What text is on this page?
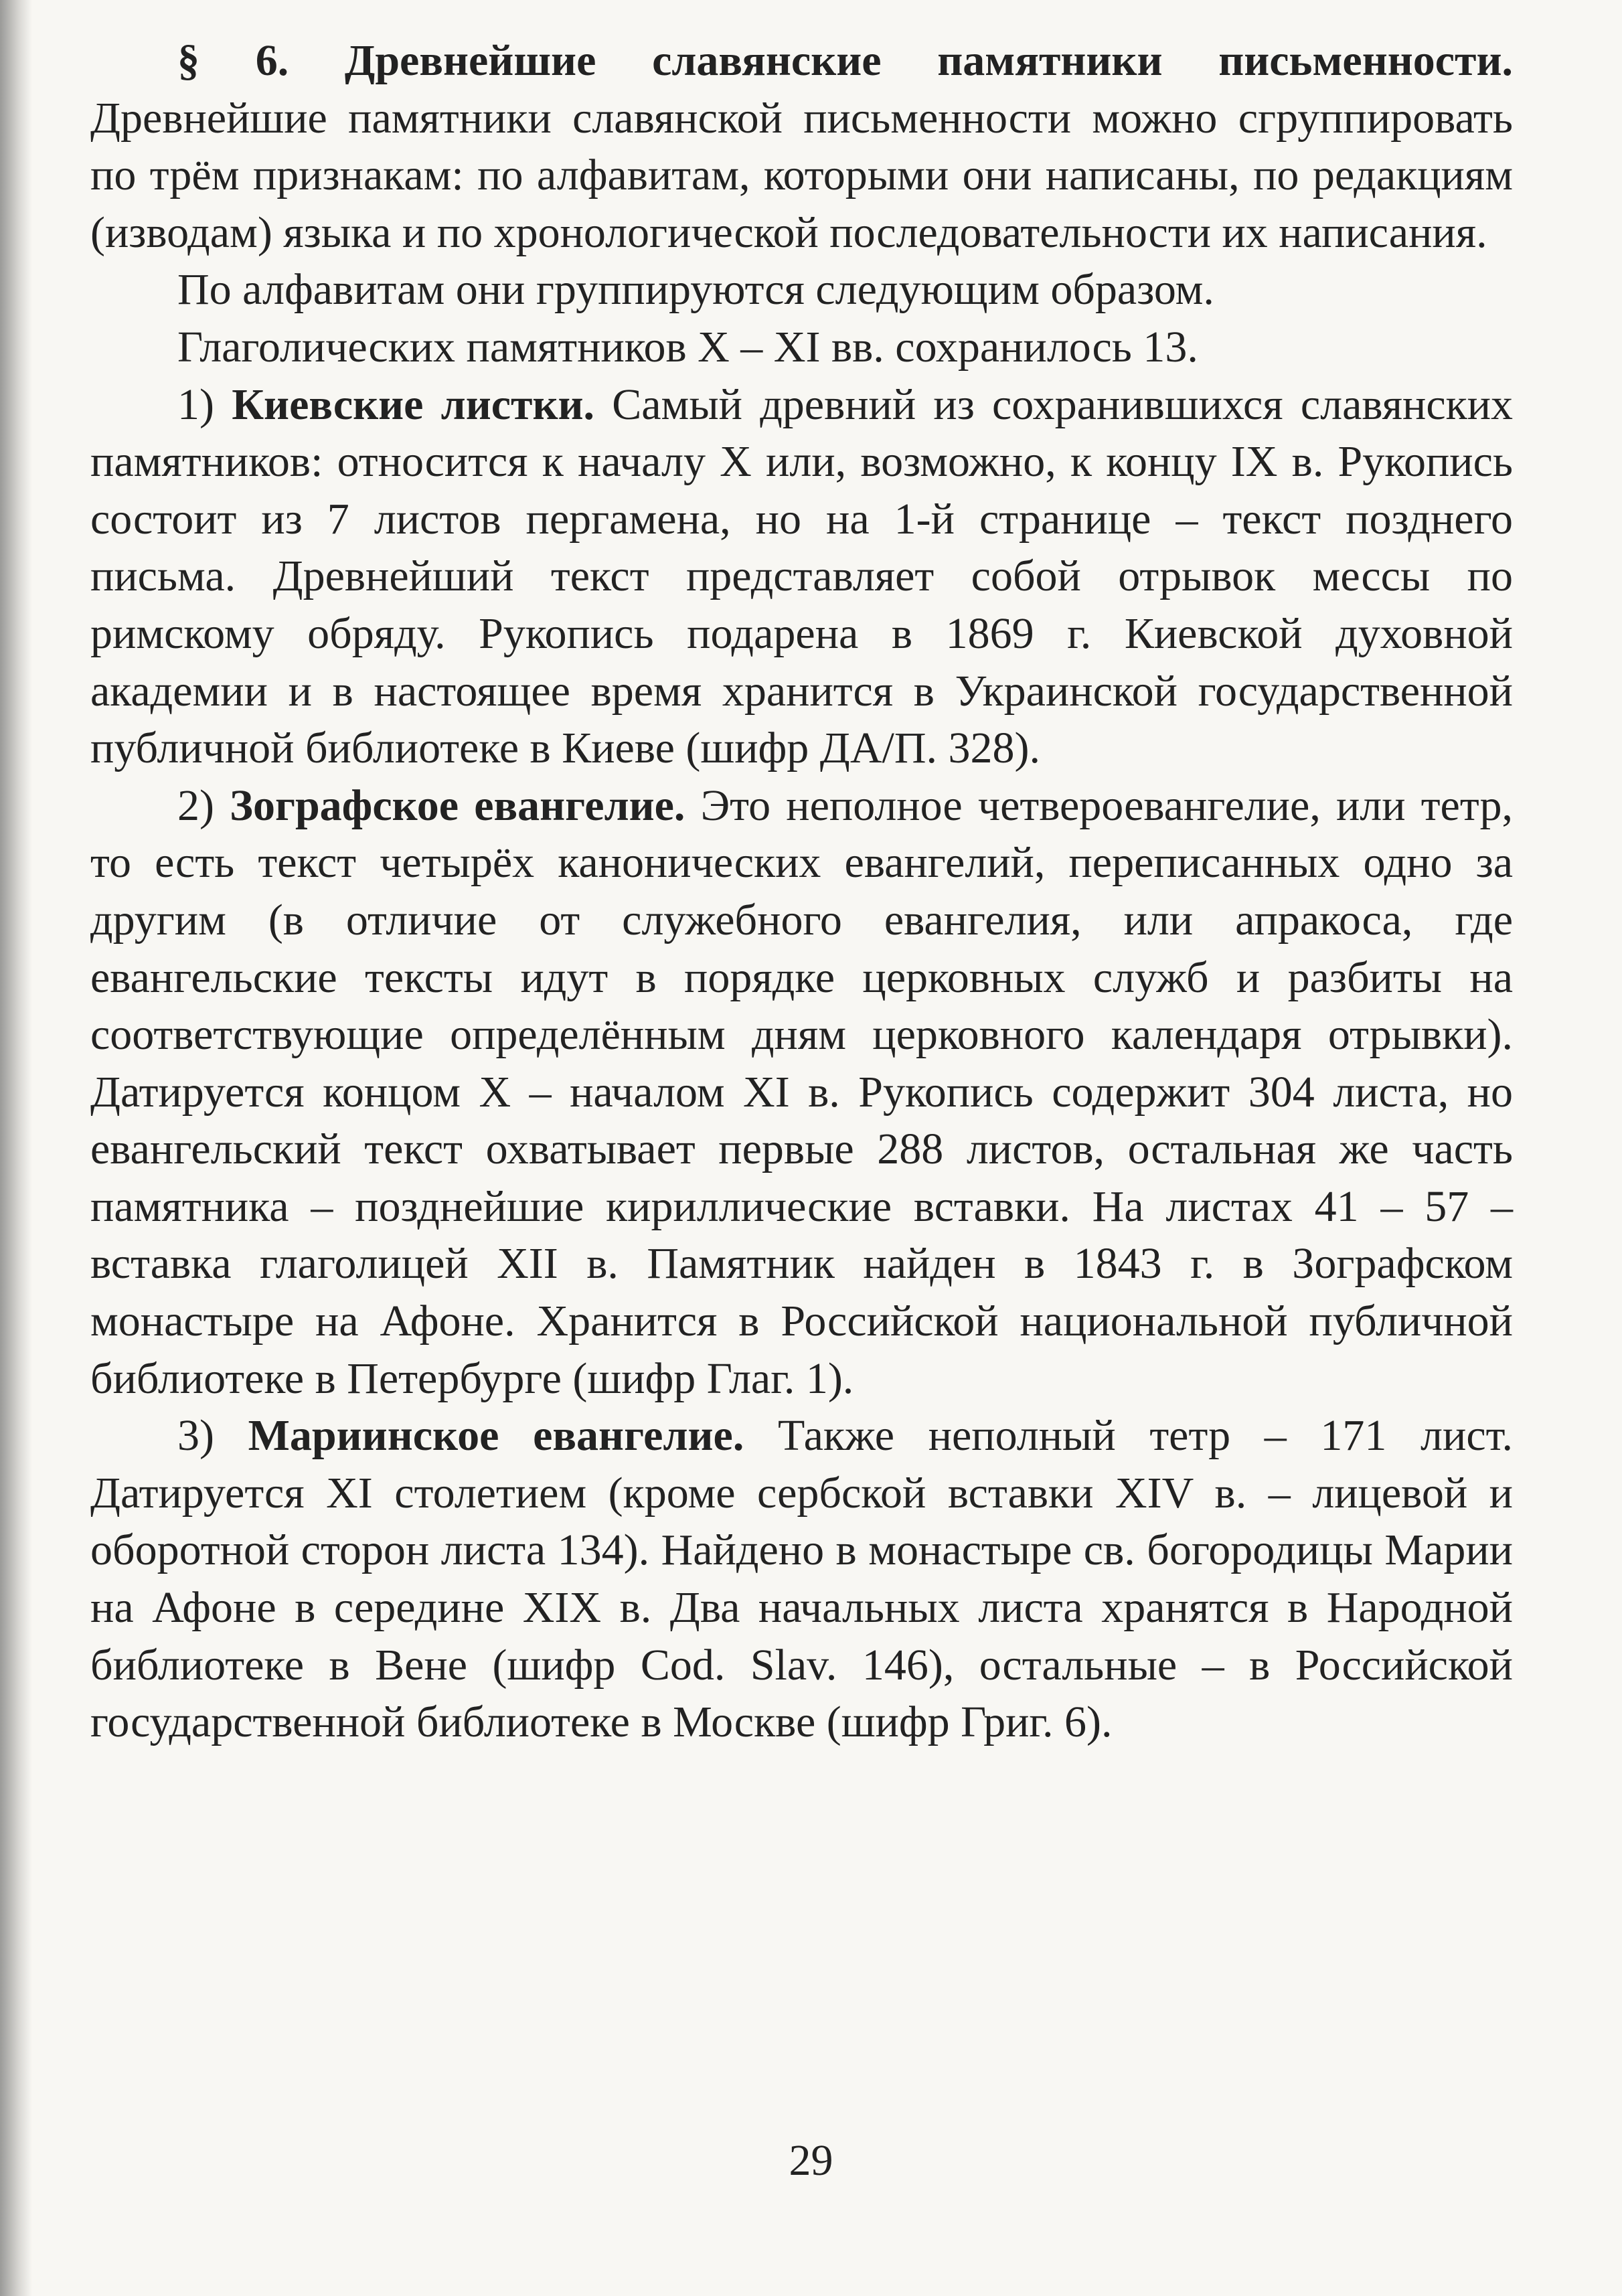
§ 6. Древнейшие славянские памятники письменности. Древнейшие памятники славянской письменности можно сгруппировать по трём признакам: по алфавитам, которыми они написаны, по редакциям (изводам) языка и по хронологической последовательности их написания.

По алфавитам они группируются следующим образом.

Глаголических памятников X – XI вв. сохранилось 13.

1) Киевские листки. Самый древний из сохранившихся славянских памятников: относится к началу X или, возможно, к концу IX в. Рукопись состоит из 7 листов пергамена, но на 1-й странице – текст позднего письма. Древнейший текст представляет собой отрывок мессы по римскому обряду. Рукопись подарена в 1869 г. Киевской духовной академии и в настоящее время хранится в Украинской государственной публичной библиотеке в Киеве (шифр ДА/П. 328).

2) Зографское евангелие. Это неполное четвероевангелие, или тетр, то есть текст четырёх канонических евангелий, переписанных одно за другим (в отличие от служебного евангелия, или апракоса, где евангельские тексты идут в порядке церковных служб и разбиты на соответствующие определённым дням церковного календаря отрывки). Датируется концом X – началом XI в. Рукопись содержит 304 листа, но евангельский текст охватывает первые 288 листов, остальная же часть памятника – позднейшие кириллические вставки. На листах 41 – 57 – вставка глаголицей XII в. Памятник найден в 1843 г. в Зографском монастыре на Афоне. Хранится в Российской национальной публичной библиотеке в Петербурге (шифр Глаг. 1).

3) Мариинское евангелие. Также неполный тетр – 171 лист. Датируется XI столетием (кроме сербской вставки XIV в. – лицевой и оборотной сторон листа 134). Найдено в монастыре св. богородицы Марии на Афоне в середине XIX в. Два начальных листа хранятся в Народной библиотеке в Вене (шифр Cod. Slav. 146), остальные – в Российской государственной библиотеке в Москве (шифр Григ. 6).

29
